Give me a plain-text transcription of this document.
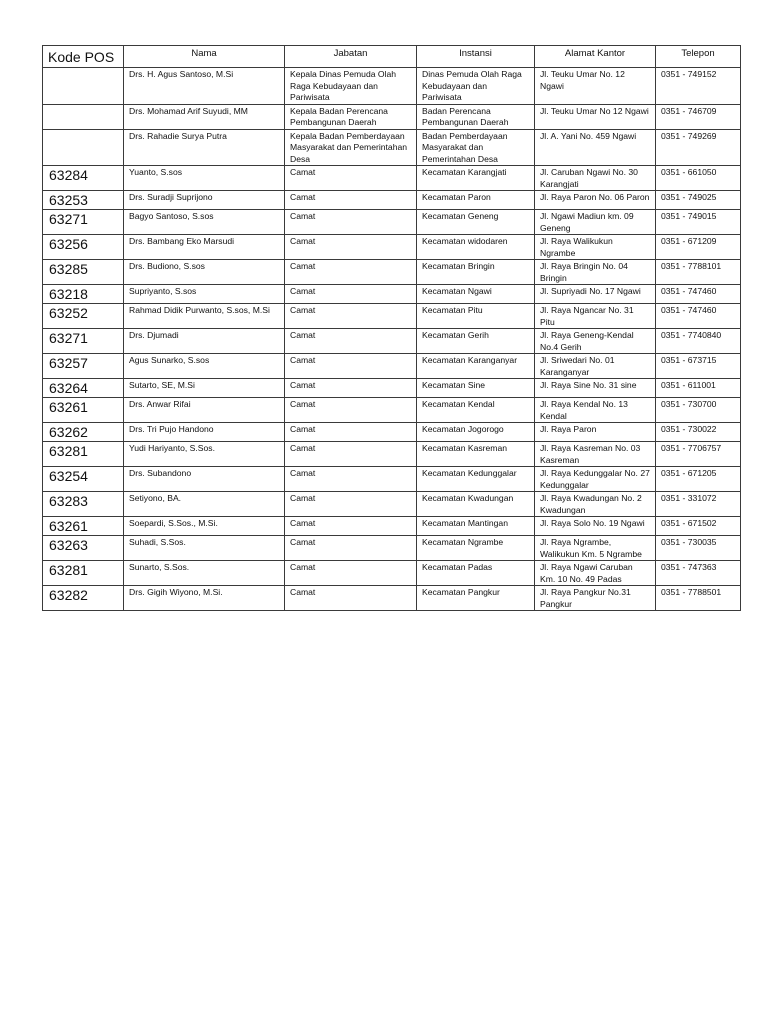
Kode POS	Nama	Jabatan	Instansi	Alamat Kantor	Telepon
	Drs. H. Agus Santoso, M.Si	Kepala Dinas Pemuda Olah Raga Kebudayaan dan Pariwisata	Dinas Pemuda Olah Raga Kebudayaan dan Pariwisata	Jl. Teuku Umar No. 12 Ngawi	0351 - 749152
	Drs. Mohamad Arif Suyudi, MM	Kepala Badan Perencana Pembangunan Daerah	Badan Perencana Pembangunan Daerah	Jl. Teuku Umar No 12 Ngawi	0351 - 746709
	Drs. Rahadie Surya Putra	Kepala Badan Pemberdayaan Masyarakat dan Pemerintahan Desa	Badan Pemberdayaan Masyarakat dan Pemerintahan Desa	Jl. A. Yani No. 459 Ngawi	0351 - 749269
63284	Yuanto, S.sos	Camat	Kecamatan Karangjati	Jl. Caruban Ngawi No. 30 Karangjati	0351 - 661050
63253	Drs. Suradji Suprijono	Camat	Kecamatan Paron	Jl. Raya Paron No. 06 Paron	0351 - 749025
63271	Bagyo Santoso, S.sos	Camat	Kecamatan Geneng	Jl. Ngawi Madiun km. 09 Geneng	0351 - 749015
63256	Drs. Bambang Eko Marsudi	Camat	Kecamatan widodaren	Jl. Raya Walikukun Ngrambe	0351 - 671209
63285	Drs. Budiono, S.sos	Camat	Kecamatan Bringin	Jl. Raya Bringin No. 04 Bringin	0351 - 7788101
63218	Supriyanto, S.sos	Camat	Kecamatan Ngawi	Jl. Supriyadi No. 17 Ngawi	0351 - 747460
63252	Rahmad Didik Purwanto, S.sos, M.Si	Camat	Kecamatan Pitu	Jl. Raya Ngancar No. 31 Pitu	0351 - 747460
63271	Drs. Djumadi	Camat	Kecamatan Gerih	Jl. Raya Geneng-Kendal No.4 Gerih	0351 - 7740840
63257	Agus Sunarko, S.sos	Camat	Kecamatan Karanganyar	Jl. Sriwedari No. 01 Karanganyar	0351 - 673715
63264	Sutarto, SE, M.Si	Camat	Kecamatan Sine	Jl. Raya Sine No. 31 sine	0351 - 611001
63261	Drs. Anwar Rifai	Camat	Kecamatan Kendal	Jl. Raya Kendal No. 13 Kendal	0351 - 730700
63262	Drs. Tri Pujo Handono	Camat	Kecamatan Jogorogo	Jl. Raya Paron	0351 - 730022
63281	Yudi Hariyanto, S.Sos.	Camat	Kecamatan Kasreman	Jl. Raya Kasreman No. 03 Kasreman	0351 - 7706757
63254	Drs. Subandono	Camat	Kecamatan Kedunggalar	Jl. Raya Kedunggalar No. 27 Kedunggalar	0351 - 671205
63283	Setiyono, BA.	Camat	Kecamatan Kwadungan	Jl. Raya Kwadungan No. 2 Kwadungan	0351 - 331072
63261	Soepardi, S.Sos., M.Si.	Camat	Kecamatan Mantingan	Jl. Raya Solo No. 19 Ngawi	0351 - 671502
63263	Suhadi, S.Sos.	Camat	Kecamatan Ngrambe	Jl. Raya Ngrambe, Walikukun Km. 5 Ngrambe	0351 - 730035
63281	Sunarto, S.Sos.	Camat	Kecamatan Padas	Jl. Raya Ngawi Caruban Km. 10 No. 49 Padas	0351 - 747363
63282	Drs. Gigih Wiyono, M.Si.	Camat	Kecamatan Pangkur	Jl. Raya Pangkur No.31 Pangkur	0351 - 7788501
